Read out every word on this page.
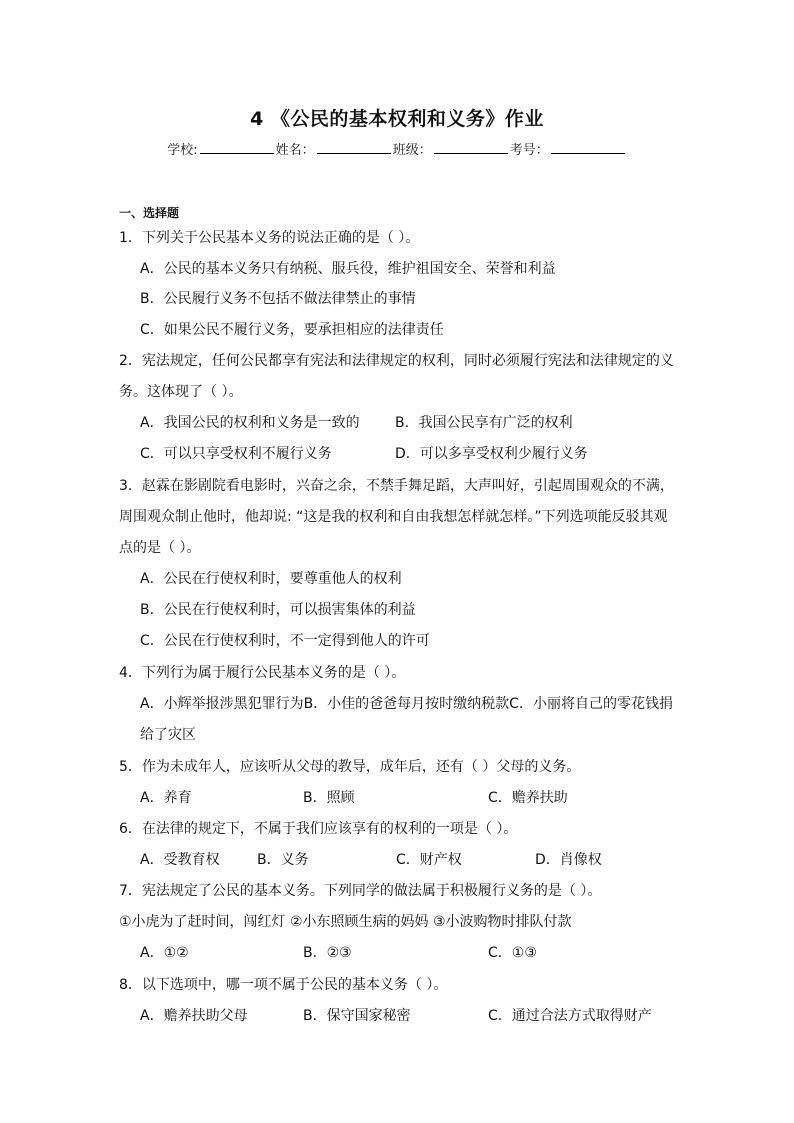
4 《公民的基本权利和义务》作业
学校:	姓名：	班级：	考号：
一、选择题
1．下列关于公民基本义务的说法正确的是（ ）。
A．公民的基本义务只有纳税、服兵役，维护祖国安全、荣誉和利益
B．公民履行义务不包括不做法律禁止的事情
C．如果公民不履行义务，要承担相应的法律责任
2．宪法规定，任何公民都享有宪法和法律规定的权利，同时必须履行宪法和法律规定的义
务。这体现了（ ）。
A．我国公民的权利和义务是一致的	B．我国公民享有广泛的权利
C．可以只享受权利不履行义务	D．可以多享受权利少履行义务
3．赵霖在影剧院看电影时，兴奋之余，不禁手舞足蹈，大声叫好，引起周围观众的不满，
周围观众制止他时，他却说: “这是我的权利和自由我想怎样就怎样。”下列选项能反驳其观
点的是（ ）。
A．公民在行使权利时，要尊重他人的权利
B．公民在行使权利时，可以损害集体的利益
C．公民在行使权利时，不一定得到他人的许可
4．下列行为属于履行公民基本义务的是（ ）。
A．小辉举报涉黑犯罪行为B．小佳的爸爸每月按时缴纳税款C．小丽将自己的零花钱捐
给了灾区
5．作为未成年人，应该听从父母的教导，成年后，还有（ ）父母的义务。
A．养育	B．照顾	C．赡养扶助
6．在法律的规定下，不属于我们应该享有的权利的一项是（ ）。
A．受教育权	B．义务	C．财产权	D．肖像权
7．宪法规定了公民的基本义务。下列同学的做法属于积极履行义务的是（ ）。
①小虎为了赶时间，闯红灯 ②小东照顾生病的妈妈 ③小波购物时排队付款
A．①②	B．②③	C．①③
8．以下选项中，哪一项不属于公民的基本义务（ ）。
A．赡养扶助父母	B．保守国家秘密	C．通过合法方式取得财产
